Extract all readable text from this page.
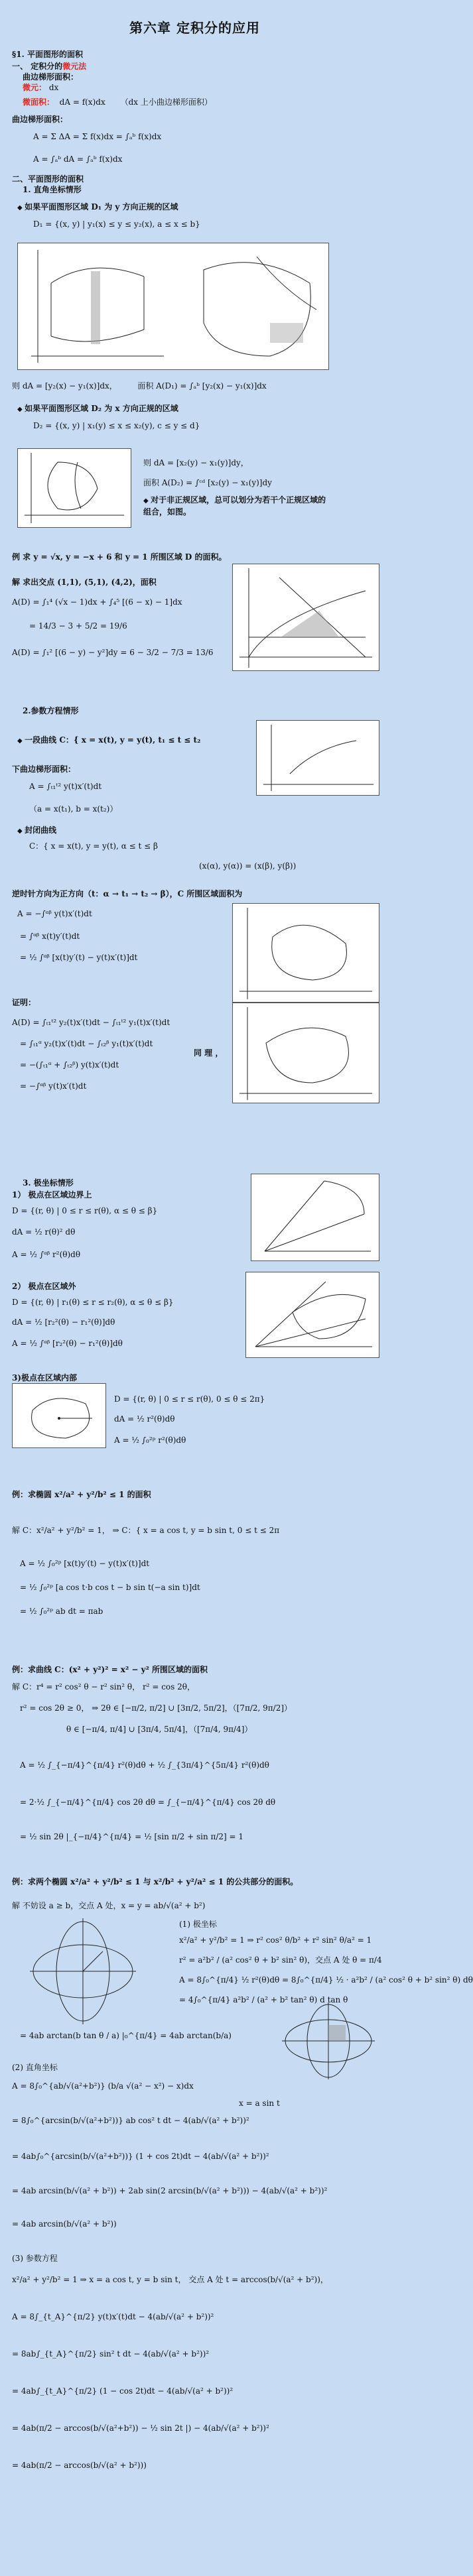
第六章 定积分的应用
§1. 平面图形的面积
一、 定积分的微元法
曲边梯形面积：
微元： dx
微面积： dA = f(x)dx （dx 上小曲边梯形面积）
曲边梯形面积：
A = Σ ΔA = Σ f(x)dx = ∫ₐᵇ f(x)dx
A = ∫ₐᵇ dA = ∫ₐᵇ f(x)dx
二、平面图形的面积
1. 直角坐标情形
◆ 如果平面图形区域 D₁ 为 y 方向正规的区域
D₁ = {(x, y) | y₁(x) ≤ y ≤ y₂(x), a ≤ x ≤ b}
则 dA = [y₂(x) − y₁(x)]dx，	面积 A(D₁) = ∫ₐᵇ [y₂(x) − y₁(x)]dx
◆ 如果平面图形区域 D₂ 为 x 方向正规的区域
D₂ = {(x, y) | x₁(y) ≤ x ≤ x₂(y), c ≤ y ≤ d}
则 dA = [x₂(y) − x₁(y)]dy，
面积 A(D₂) = ∫ᶜᵈ [x₂(y) − x₁(y)]dy
◆ 对于非正规区域，总可以划分为若干个正规区域的
组合，如图。
例 求 y = √x, y = −x + 6 和 y = 1 所围区域 D 的面积。
解 求出交点 (1,1), (5,1), (4,2)，面积
A(D) = ∫₁⁴ (√x − 1)dx + ∫₄⁵ [(6 − x) − 1]dx
= 14/3 − 3 + 5/2 = 19/6
A(D) = ∫₁² [(6 − y) − y²]dy = 6 − 3/2 − 7/3 = 13/6
2.参数方程情形
◆ 一段曲线 C：{ x = x(t), y = y(t), t₁ ≤ t ≤ t₂
下曲边梯形面积：
A = ∫ₜ₁ᵗ² y(t)x′(t)dt
（a = x(t₁), b = x(t₂)）
◆ 封闭曲线
C：{ x = x(t), y = y(t), α ≤ t ≤ β
(x(α), y(α)) = (x(β), y(β))
逆时针方向为正方向（t：α → t₁ → t₂ → β），C 所围区域面积为
A = −∫ᵅᵝ y(t)x′(t)dt
= ∫ᵅᵝ x(t)y′(t)dt
= ½ ∫ᵅᵝ [x(t)y′(t) − y(t)x′(t)]dt
证明：
A(D) = ∫ₜ₁ᵗ² y₂(t)x′(t)dt − ∫ₜ₁ᵗ² y₁(t)x′(t)dt
= ∫ₜ₁ᵅ y₂(t)x′(t)dt − ∫ₜ₂ᵝ y₁(t)x′(t)dt
= −(∫ₜ₁ᵅ + ∫ₜ₂ᵝ) y(t)x′(t)dt
= −∫ᵅᵝ y(t)x′(t)dt
同 理 ，
3. 极坐标情形
1） 极点在区域边界上
D = {(r, θ) | 0 ≤ r ≤ r(θ), α ≤ θ ≤ β}
dA = ½ r(θ)² dθ
A = ½ ∫ᵅᵝ r²(θ)dθ
2） 极点在区域外
D = {(r, θ) | r₁(θ) ≤ r ≤ r₂(θ), α ≤ θ ≤ β}
dA = ½ [r₂²(θ) − r₁²(θ)]dθ
A = ½ ∫ᵅᵝ [r₂²(θ) − r₁²(θ)]dθ
3)极点在区域内部
D = {(r, θ) | 0 ≤ r ≤ r(θ), 0 ≤ θ ≤ 2π}
dA = ½ r²(θ)dθ
A = ½ ∫₀²ᵖ r²(θ)dθ
例：求椭圆 x²/a² + y²/b² ≤ 1 的面积
解 C：x²/a² + y²/b² = 1， ⇒ C：{ x = a cos t, y = b sin t, 0 ≤ t ≤ 2π
A = ½ ∫₀²ᵖ [x(t)y′(t) − y(t)x′(t)]dt
= ½ ∫₀²ᵖ [a cos t·b cos t − b sin t(−a sin t)]dt
= ½ ∫₀²ᵖ ab dt = πab
例：求曲线 C：(x² + y²)² = x² − y² 所围区域的面积
解 C：r⁴ = r² cos² θ − r² sin² θ， r² = cos 2θ，
r² = cos 2θ ≥ 0， ⇒ 2θ ∈ [−π/2, π/2] ∪ [3π/2, 5π/2]，（[7π/2, 9π/2]）
θ ∈ [−π/4, π/4] ∪ [3π/4, 5π/4]，（[7π/4, 9π/4]）
A = ½ ∫_{−π/4}^{π/4} r²(θ)dθ + ½ ∫_{3π/4}^{5π/4} r²(θ)dθ
= 2·½ ∫_{−π/4}^{π/4} cos 2θ dθ = ∫_{−π/4}^{π/4} cos 2θ dθ
= ½ sin 2θ |_{−π/4}^{π/4} = ½ [sin π/2 + sin π/2] = 1
例：求两个椭圆 x²/a² + y²/b² ≤ 1 与 x²/b² + y²/a² ≤ 1 的公共部分的面积。
解 不妨设 a ≥ b，交点 A 处，x = y = ab/√(a² + b²)
(1) 极坐标
x²/a² + y²/b² = 1 ⇒ r² cos² θ/b² + r² sin² θ/a² = 1
r² = a²b² / (a² cos² θ + b² sin² θ)，交点 A 处 θ = π/4
A = 8∫₀^{π/4} ½ r²(θ)dθ = 8∫₀^{π/4} ½ · a²b² / (a² cos² θ + b² sin² θ) dθ
= 4∫₀^{π/4} a²b² / (a² + b² tan² θ) d tan θ
= 4ab arctan(b tan θ / a) |₀^{π/4} = 4ab arctan(b/a)
(2) 直角坐标
A = 8∫₀^{ab/√(a²+b²)} (b/a √(a² − x²) − x)dx
x = a sin t
= 8∫₀^{arcsin(b/√(a²+b²))} ab cos² t dt − 4(ab/√(a² + b²))²
= 4ab∫₀^{arcsin(b/√(a²+b²))} (1 + cos 2t)dt − 4(ab/√(a² + b²))²
= 4ab arcsin(b/√(a² + b²)) + 2ab sin(2 arcsin(b/√(a² + b²))) − 4(ab/√(a² + b²))²
= 4ab arcsin(b/√(a² + b²))
(3) 参数方程
x²/a² + y²/b² = 1 ⇒ x = a cos t, y = b sin t， 交点 A 处 t = arccos(b/√(a² + b²))，
A = 8∫_{t_A}^{π/2} y(t)x′(t)dt − 4(ab/√(a² + b²))²
= 8ab∫_{t_A}^{π/2} sin² t dt − 4(ab/√(a² + b²))²
= 4ab∫_{t_A}^{π/2} (1 − cos 2t)dt − 4(ab/√(a² + b²))²
= 4ab(π/2 − arccos(b/√(a²+b²)) − ½ sin 2t |) − 4(ab/√(a² + b²))²
= 4ab(π/2 − arccos(b/√(a² + b²)))
